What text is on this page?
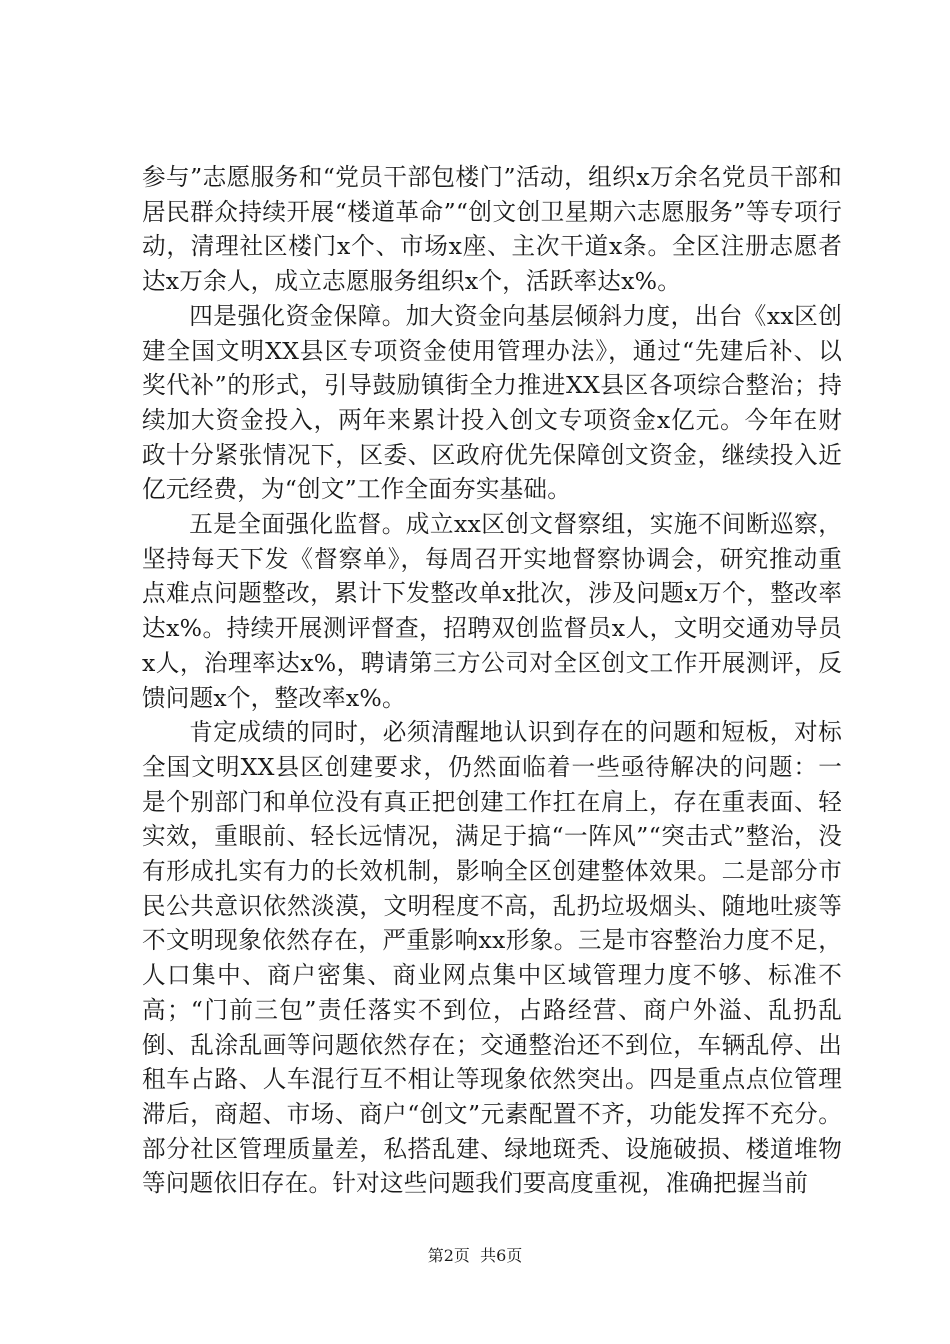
参与”志愿服务和“党员干部包楼门”活动，组织x万余名党员干部和居民群众持续开展“楼道革命”“创文创卫星期六志愿服务”等专项行动，清理社区楼门x个、市场x座、主次干道x条。全区注册志愿者达x万余人，成立志愿服务组织x个，活跃率达x%。

四是强化资金保障。加大资金向基层倾斜力度，出台《xx区创建全国文明XX县区专项资金使用管理办法》，通过“先建后补、以奖代补”的形式，引导鼓励镇街全力推进XX县区各项综合整治；持续加大资金投入，两年来累计投入创文专项资金x亿元。今年在财政十分紧张情况下，区委、区政府优先保障创文资金，继续投入近亿元经费，为“创文”工作全面夯实基础。

五是全面强化监督。成立xx区创文督察组，实施不间断巡察，坚持每天下发《督察单》，每周召开实地督察协调会，研究推动重点难点问题整改，累计下发整改单x批次，涉及问题x万个，整改率达x%。持续开展测评督查，招聘双创监督员x人，文明交通劝导员x人，治理率达x%，聘请第三方公司对全区创文工作开展测评，反馈问题x个，整改率x%。

肯定成绩的同时，必须清醒地认识到存在的问题和短板，对标全国文明XX县区创建要求，仍然面临着一些亟待解决的问题：一是个别部门和单位没有真正把创建工作扛在肩上，存在重表面、轻实效，重眼前、轻长远情况，满足于搞“一阵风”“突击式”整治，没有形成扎实有力的长效机制，影响全区创建整体效果。二是部分市民公共意识依然淡漠，文明程度不高，乱扔垃圾烟头、随地吐痰等不文明现象依然存在，严重影响xx形象。三是市容整治力度不足，人口集中、商户密集、商业网点集中区域管理力度不够、标准不高；“门前三包”责任落实不到位，占路经营、商户外溢、乱扔乱倒、乱涂乱画等问题依然存在；交通整治还不到位，车辆乱停、出租车占路、人车混行互不相让等现象依然突出。四是重点点位管理滞后，商超、市场、商户“创文”元素配置不齐，功能发挥不充分。部分社区管理质量差，私搭乱建、绿地斑秃、设施破损、楼道堆物等问题依旧存在。针对这些问题我们要高度重视，准确把握当前

第2页 共6页
